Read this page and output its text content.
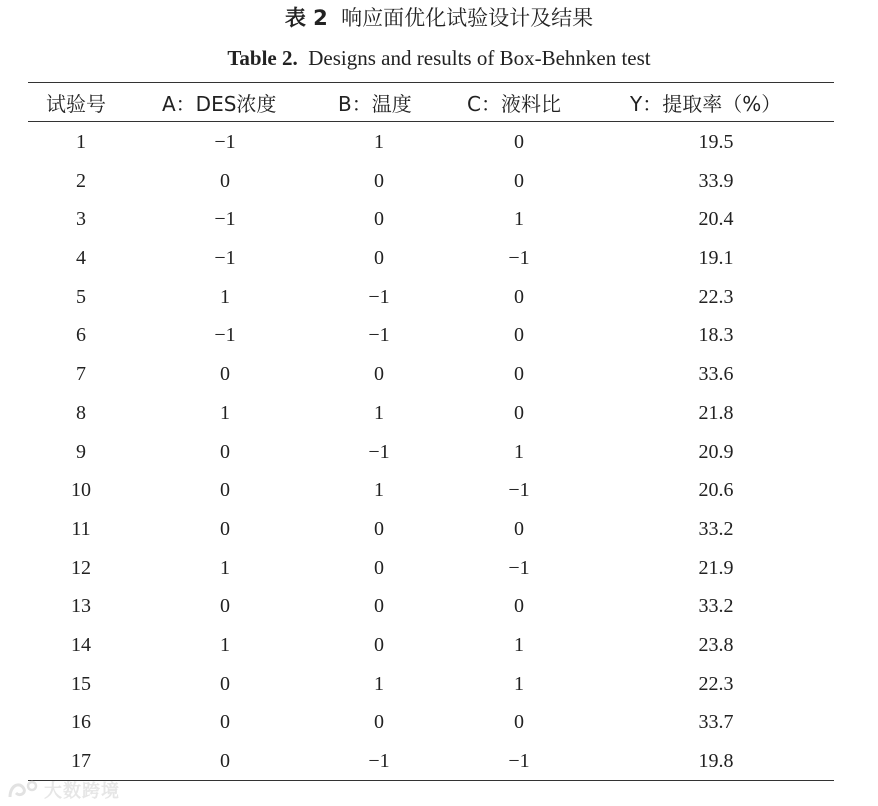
表 2 响应面优化试验设计及结果
Table 2. Designs and results of Box-Behnken test
试验号	A：DES浓度	B：温度	C：液料比	Y：提取率（%）
1	−1	1	0	19.5
2	0	0	0	33.9
3	−1	0	1	20.4
4	−1	0	−1	19.1
5	1	−1	0	22.3
6	−1	−1	0	18.3
7	0	0	0	33.6
8	1	1	0	21.8
9	0	−1	1	20.9
10	0	1	−1	20.6
11	0	0	0	33.2
12	1	0	−1	21.9
13	0	0	0	33.2
14	1	0	1	23.8
15	0	1	1	22.3
16	0	0	0	33.7
17	0	−1	−1	19.8
大数跨境
